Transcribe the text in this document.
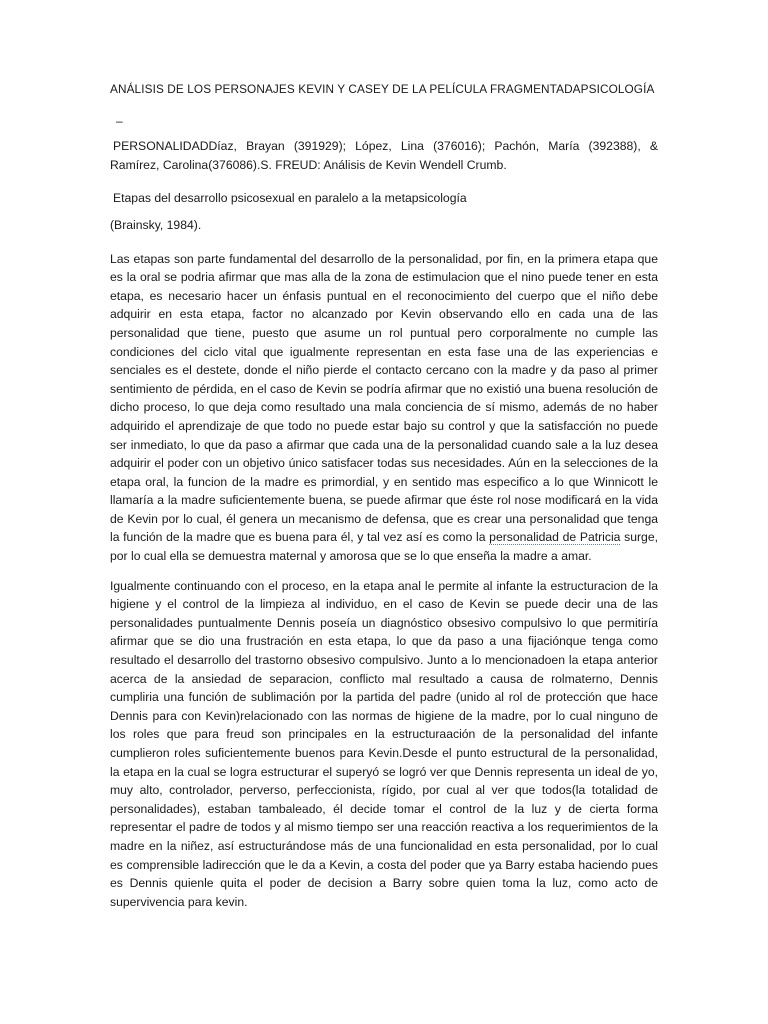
ANÁLISIS DE LOS PERSONAJES KEVIN Y CASEY DE LA PELÍCULA FRAGMENTADAPSICOLOGÍA
–
PERSONALIDADDíaz, Brayan (391929); López, Lina (376016); Pachón, María (392388), & Ramírez, Carolina(376086).S. FREUD: Análisis de Kevin Wendell Crumb.
Etapas del desarrollo psicosexual en paralelo a la metapsicología
(Brainsky, 1984).
Las etapas son parte fundamental del desarrollo de la personalidad, por fin, en la primera etapa que es la oral se podria afirmar que mas alla de la zona de estimulacion que el nino puede tener en esta etapa, es necesario hacer un énfasis puntual en el reconocimiento del cuerpo que el niño debe adquirir en esta etapa, factor no alcanzado por Kevin observando ello en cada una de las personalidad que tiene, puesto que asume un rol puntual pero corporalmente no cumple las condiciones del ciclo vital que igualmente representan en esta fase una de las experiencias e senciales es el destete, donde el niño pierde el contacto cercano con la madre y da paso al primer sentimiento de pérdida, en el caso de Kevin se podría afirmar que no existió una buena resolución de dicho proceso, lo que deja como resultado una mala conciencia de sí mismo, además de no haber adquirido el aprendizaje de que todo no puede estar bajo su control y que la satisfacción no puede ser inmediato, lo que da paso a afirmar que cada una de la personalidad cuando sale a la luz desea adquirir el poder con un objetivo único satisfacer todas sus necesidades. Aún en la selecciones de la etapa oral, la funcion de la madre es primordial, y en sentido mas especifico a lo que Winnicott le llamaría a la madre suficientemente buena, se puede afirmar que éste rol nose modificará en la vida de Kevin por lo cual, él genera un mecanismo de defensa, que es crear una personalidad que tenga la función de la madre que es buena para él, y tal vez así es como la personalidad de Patricia surge, por lo cual ella se demuestra maternal y amorosa que se lo que enseña la madre a amar.
Igualmente continuando con el proceso, en la etapa anal le permite al infante la estructuracion de la higiene y el control de la limpieza al individuo, en el caso de Kevin se puede decir una de las personalidades puntualmente Dennis poseía un diagnóstico obsesivo compulsivo lo que permitiría afirmar que se dio una frustración en esta etapa, lo que da paso a una fijaciónque tenga como resultado el desarrollo del trastorno obsesivo compulsivo. Junto a lo mencionadoen la etapa anterior acerca de la ansiedad de separacion, conflicto mal resultado a causa de rolmaterno, Dennis cumpliria una función de sublimación por la partida del padre (unido al rol de protección que hace Dennis para con Kevin)relacionado con las normas de higiene de la madre, por lo cual ninguno de los roles que para freud son principales en la estructuraación de la personalidad del infante cumplieron roles suficientemente buenos para Kevin.Desde el punto estructural de la personalidad, la etapa en la cual se logra estructurar el superyó se logró ver que Dennis representa un ideal de yo, muy alto, controlador, perverso, perfeccionista, rígido, por cual al ver que todos(la totalidad de personalidades), estaban tambaleado, él decide tomar el control de la luz y de cierta forma representar el padre de todos y al mismo tiempo ser una reacción reactiva a los requerimientos de la madre en la niñez, así estructurándose más de una funcionalidad en esta personalidad, por lo cual es comprensible ladirección que le da a Kevin, a costa del poder que ya Barry estaba haciendo pues es Dennis quienle quita el poder de decision a Barry sobre quien toma la luz, como acto de supervivencia para kevin.
